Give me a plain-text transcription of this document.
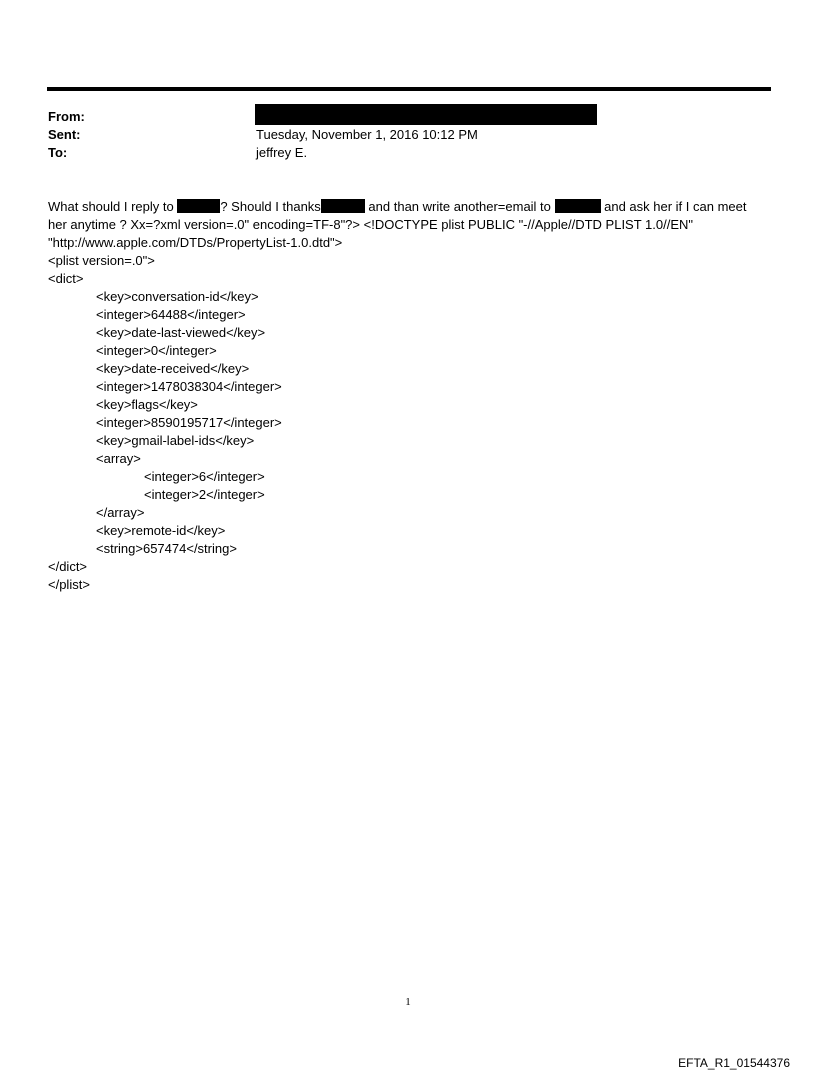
From:
Sent:	Tuesday, November 1, 2016 10:12 PM
To:	jeffrey E.

What should I reply to	? Should I thanks	and than write another=email to	and ask her if I can meet

her anytime ? Xx=?xml version=.0" encoding=TF-8"?> <!DOCTYPE plist PUBLIC "-//Apple//DTD PLIST 1.0//EN"

"http://www.apple.com/DTDs/PropertyList-1.0.dtd">

<plist version=.0">

<dict>

<key>conversation-id</key>

<integer>64488</integer>

<key>date-last-viewed</key>

<integer>0</integer>

<key>date-received</key>

<integer>1478038304</integer>

<key>flags</key>

<integer>8590195717</integer>

<key>gmail-label-ids</key>

<array>

<integer>6</integer>

<integer>2</integer>

</array>

<key>remote-id</key>

<string>657474</string>

</dict>

</plist>

1
EFTA_R1_01544376
